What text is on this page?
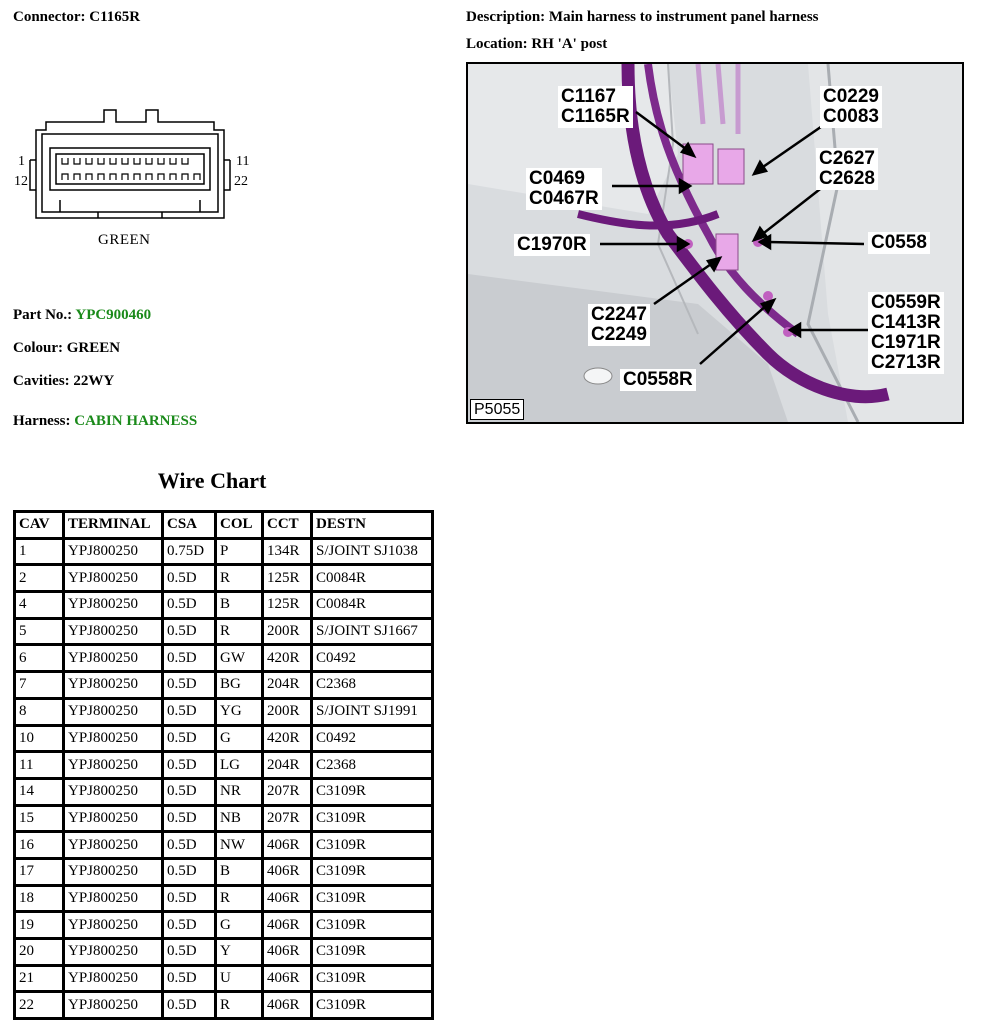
Connector: C1165R	Description: Main harness to instrument panel harness
Location: RH 'A' post
1
12
11
22
GREEN
Part No.: YPC900460
Colour: GREEN
Cavities: 22WY
Harness: CABIN HARNESS
C1167
C1165R
C0229
C0083
C0469
C0467R
C2627
C2628
C1970R	C0558
C2247
C2249
C0559R
C1413R
C1971R
C2713R
C0558R
P5055
Wire Chart
CAV	TERMINAL	CSA	COL	CCT	DESTN
1	YPJ800250	0.75D	P	134R	S/JOINT SJ1038
2	YPJ800250	0.5D	R	125R	C0084R
4	YPJ800250	0.5D	B	125R	C0084R
5	YPJ800250	0.5D	R	200R	S/JOINT SJ1667
6	YPJ800250	0.5D	GW	420R	C0492
7	YPJ800250	0.5D	BG	204R	C2368
8	YPJ800250	0.5D	YG	200R	S/JOINT SJ1991
10	YPJ800250	0.5D	G	420R	C0492
11	YPJ800250	0.5D	LG	204R	C2368
14	YPJ800250	0.5D	NR	207R	C3109R
15	YPJ800250	0.5D	NB	207R	C3109R
16	YPJ800250	0.5D	NW	406R	C3109R
17	YPJ800250	0.5D	B	406R	C3109R
18	YPJ800250	0.5D	R	406R	C3109R
19	YPJ800250	0.5D	G	406R	C3109R
20	YPJ800250	0.5D	Y	406R	C3109R
21	YPJ800250	0.5D	U	406R	C3109R
22	YPJ800250	0.5D	R	406R	C3109R
